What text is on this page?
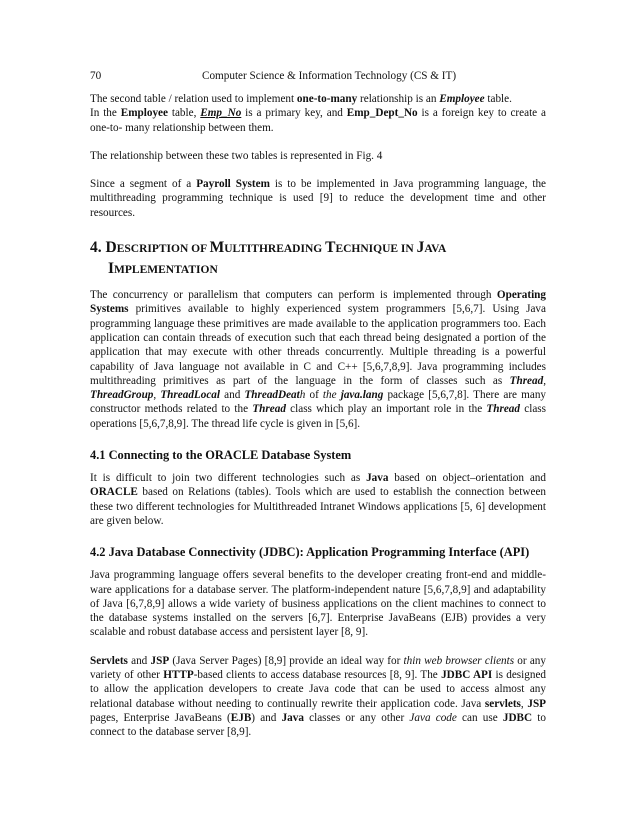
70	Computer Science & Information Technology (CS & IT)

The second table / relation used to implement one-to-many relationship is an Employee table.
In the Employee table, Emp_No is a primary key, and Emp_Dept_No is a foreign key to create a one-to- many relationship between them.

The relationship between these two tables is represented in Fig. 4

Since a segment of a Payroll System is to be implemented in Java programming language, the multithreading programming technique is used [9] to reduce the development time and other resources.

4. DESCRIPTION OF MULTITHREADING TECHNIQUE IN JAVA IMPLEMENTATION

The concurrency or parallelism that computers can perform is implemented through Operating Systems primitives available to highly experienced system programmers [5,6,7]. Using Java programming language these primitives are made available to the application programmers too. Each application can contain threads of execution such that each thread being designated a portion of the application that may execute with other threads concurrently. Multiple threading is a powerful capability of Java language not available in C and C++ [5,6,7,8,9]. Java programming includes multithreading primitives as part of the language in the form of classes such as Thread, ThreadGroup, ThreadLocal and ThreadDeath of the java.lang package [5,6,7,8]. There are many constructor methods related to the Thread class which play an important role in the Thread class operations [5,6,7,8,9]. The thread life cycle is given in [5,6].

4.1 Connecting to the ORACLE Database System

It is difficult to join two different technologies such as Java based on object–orientation and ORACLE based on Relations (tables). Tools which are used to establish the connection between these two different technologies for Multithreaded Intranet Windows applications [5, 6] development are given below.

4.2 Java Database Connectivity (JDBC): Application Programming Interface (API)

Java programming language offers several benefits to the developer creating front-end and middle-ware applications for a database server. The platform-independent nature [5,6,7,8,9] and adaptability of Java [6,7,8,9] allows a wide variety of business applications on the client machines to connect to the database systems installed on the servers [6,7]. Enterprise JavaBeans (EJB) provides a very scalable and robust database access and persistent layer [8, 9].

Servlets and JSP (Java Server Pages) [8,9] provide an ideal way for thin web browser clients or any variety of other HTTP-based clients to access database resources [8, 9]. The JDBC API is designed to allow the application developers to create Java code that can be used to access almost any relational database without needing to continually rewrite their application code. Java servlets, JSP pages, Enterprise JavaBeans (EJB) and Java classes or any other Java code can use JDBC to connect to the database server [8,9].
